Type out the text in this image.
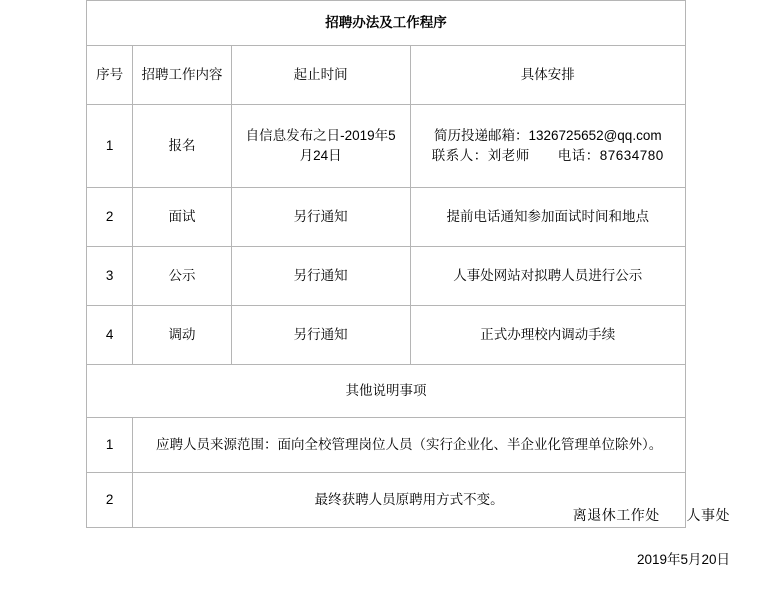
招聘办法及工作程序			
序号	招聘工作内容	起止时间	具体安排
1	报名	自信息发布之日-2019年5月24日	简历投递邮箱：1326725652@qq.com
联系人：刘老师　　电话：87634780

2	面试	另行通知	提前电话通知参加面试时间和地点
3	公示	另行通知	人事处网站对拟聘人员进行公示
4	调动	另行通知	正式办理校内调动手续
其他说明事项			
1	应聘人员来源范围：面向全校管理岗位人员（实行企业化、半企业化管理单位除外）。		
2	最终获聘人员原聘用方式不变。		
离退休工作处 人事处
2019年5月20日
